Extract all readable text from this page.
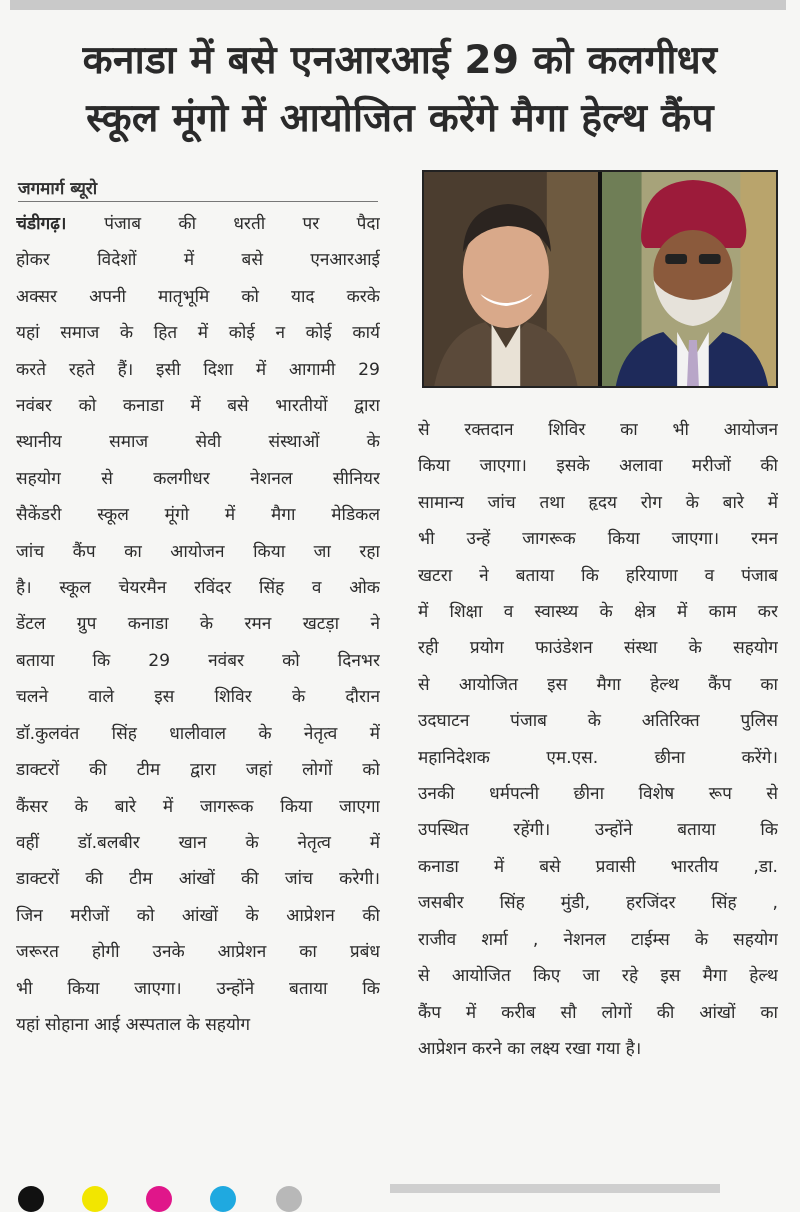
कनाडा में बसे एनआरआई 29 को कलगीधर
स्कूल मूंगो में आयोजित करेंगे मैगा हेल्थ कैंप
जगमार्ग ब्यूरो
चंडीगढ़। पंजाब की धरती पर पैदा
होकर विदेशों में बसे एनआरआई
अक्सर अपनी मातृभूमि को याद करके
यहां समाज के हित में कोई न कोई कार्य
करते रहते हैं। इसी दिशा में आगामी 29
नवंबर को कनाडा में बसे भारतीयों द्वारा
स्थानीय समाज सेवी संस्थाओं के
सहयोग से कलगीधर नेशनल सीनियर
सैकेंडरी स्कूल मूंगो में मैगा मेडिकल
जांच कैंप का आयोजन किया जा रहा
है। स्कूल चेयरमैन रविंदर सिंह व ओक
डेंटल ग्रुप कनाडा के रमन खटड़ा ने
बताया कि 29 नवंबर को दिनभर
चलने वाले इस शिविर के दौरान
डॉ.कुलवंत सिंह धालीवाल के नेतृत्व में
डाक्टरों की टीम द्वारा जहां लोगों को
कैंसर के बारे में जागरूक किया जाएगा
वहीं डॉ.बलबीर खान के नेतृत्व में
डाक्टरों की टीम आंखों की जांच करेगी।
जिन मरीजों को आंखों के आप्रेशन की
जरूरत होगी उनके आप्रेशन का प्रबंध
भी किया जाएगा। उन्होंने बताया कि
यहां सोहाना आई अस्पताल के सहयोग
से रक्तदान शिविर का भी आयोजन
किया जाएगा। इसके अलावा मरीजों की
सामान्य जांच तथा हृदय रोग के बारे में
भी उन्हें जागरूक किया जाएगा। रमन
खटरा ने बताया कि हरियाणा व पंजाब
में शिक्षा व स्वास्थ्य के क्षेत्र में काम कर
रही प्रयोग फाउंडेशन संस्था के सहयोग
से आयोजित इस मैगा हेल्थ कैंप का
उदघाटन पंजाब के अतिरिक्त पुलिस
महानिदेशक एम.एस. छीना करेंगे।
उनकी धर्मपत्नी छीना विशेष रूप से
उपस्थित रहेंगी। उन्होंने बताया कि
कनाडा में बसे प्रवासी भारतीय ,डा.
जसबीर सिंह मुंडी, हरजिंदर सिंह ,
राजीव शर्मा , नेशनल टाईम्स के सहयोग
से आयोजित किए जा रहे इस मैगा हेल्थ
कैंप में करीब सौ लोगों की आंखों का
आप्रेशन करने का लक्ष्य रखा गया है।
